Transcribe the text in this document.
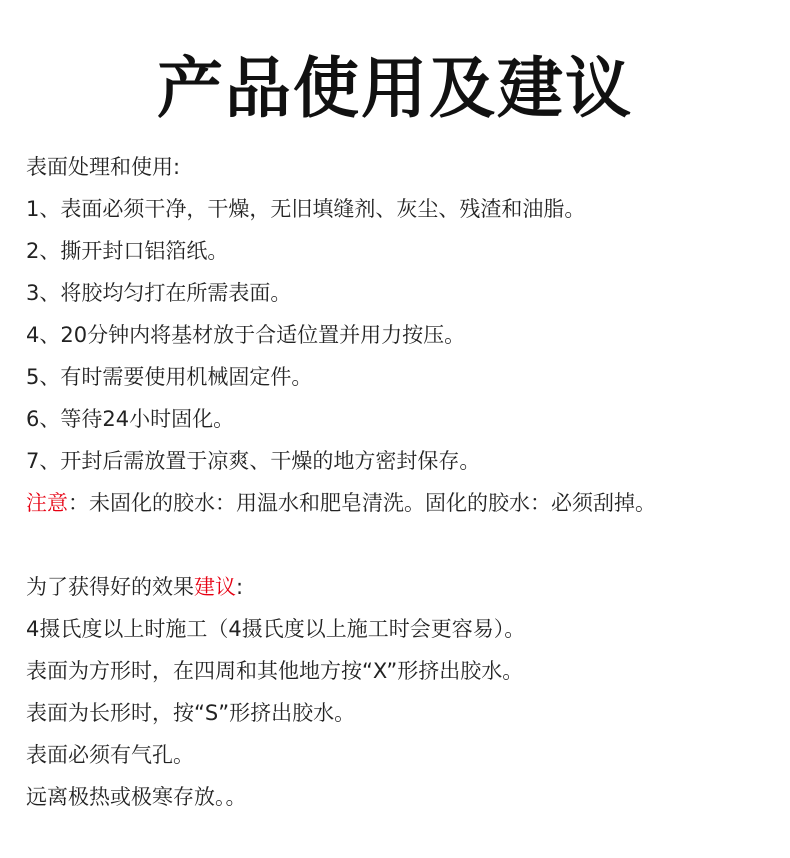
产品使用及建议
表面处理和使用:
1、表面必须干净，干燥，无旧填缝剂、灰尘、残渣和油脂。
2、撕开封口铝箔纸。
3、将胶均匀打在所需表面。
4、20分钟内将基材放于合适位置并用力按压。
5、有时需要使用机械固定件。
6、等待24小时固化。
7、开封后需放置于凉爽、干燥的地方密封保存。
注意：未固化的胶水：用温水和肥皂清洗。固化的胶水：必须刮掉。
为了获得好的效果建议:
4摄氏度以上时施工（4摄氏度以上施工时会更容易）。
表面为方形时，在四周和其他地方按“X”形挤出胶水。
表面为长形时，按“S”形挤出胶水。
表面必须有气孔。
远离极热或极寒存放。。
